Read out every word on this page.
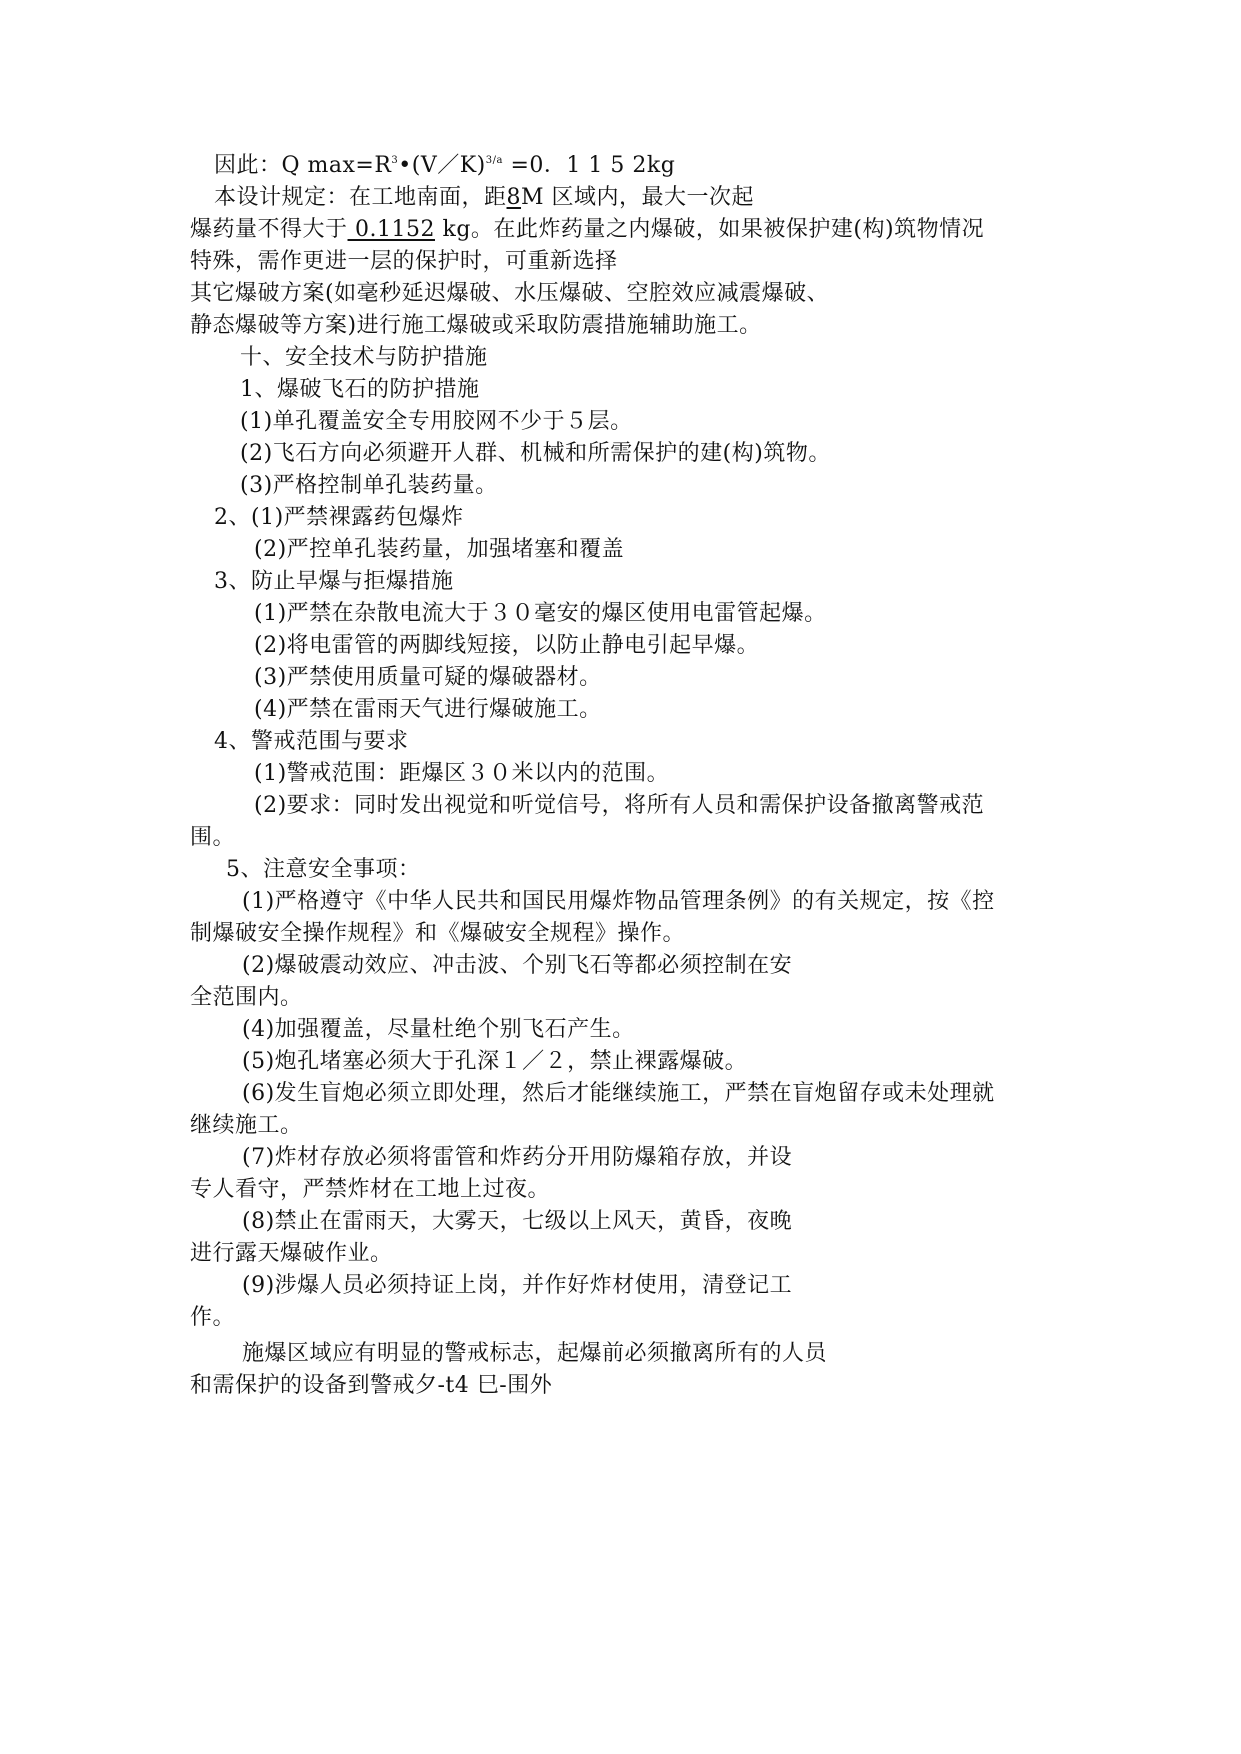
因此：Q $\max=R^3•(V/K)^{3/a} =0$．1 1 5 2kg
本设计规定：在工地南面，距8M 区域内，最大一次起
爆药量不得大于 0.1152 kg。在此炸药量之内爆破，如果被保护建(构)筑物情况
特殊，需作更进一层的保护时，可重新选择
其它爆破方案(如毫秒延迟爆破、水压爆破、空腔效应减震爆破、
静态爆破等方案)进行施工爆破或采取防震措施辅助施工。
十、安全技术与防护措施
1、爆破飞石的防护措施
(1)单孔覆盖安全专用胶网不少于５层。
(2)飞石方向必须避开人群、机械和所需保护的建(构)筑物。
(3)严格控制单孔装药量。
2、(1)严禁裸露药包爆炸
(2)严控单孔装药量，加强堵塞和覆盖
3、防止早爆与拒爆措施
(1)严禁在杂散电流大于３０毫安的爆区使用电雷管起爆。
(2)将电雷管的两脚线短接，以防止静电引起早爆。
(3)严禁使用质量可疑的爆破器材。
(4)严禁在雷雨天气进行爆破施工。
4、警戒范围与要求
(1)警戒范围：距爆区３０米以内的范围。
(2)要求：同时发出视觉和听觉信号，将所有人员和需保护设备撤离警戒范
围。
5、注意安全事项：
(1)严格遵守《中华人民共和国民用爆炸物品管理条例》的有关规定，按《控
制爆破安全操作规程》和《爆破安全规程》操作。
(2)爆破震动效应、冲击波、个别飞石等都必须控制在安
全范围内。
(4)加强覆盖，尽量杜绝个别飞石产生。
(5)炮孔堵塞必须大于孔深１／２，禁止裸露爆破。
(6)发生盲炮必须立即处理，然后才能继续施工，严禁在盲炮留存或未处理就
继续施工。
(7)炸材存放必须将雷管和炸药分开用防爆箱存放，并设
专人看守，严禁炸材在工地上过夜。
(8)禁止在雷雨天，大雾天，七级以上风天，黄昏，夜晚
进行露天爆破作业。
(9)涉爆人员必须持证上岗，并作好炸材使用，清登记工
作。
施爆区域应有明显的警戒标志，起爆前必须撤离所有的人员
和需保护的设备到警戒夕-t4 巳-围外
